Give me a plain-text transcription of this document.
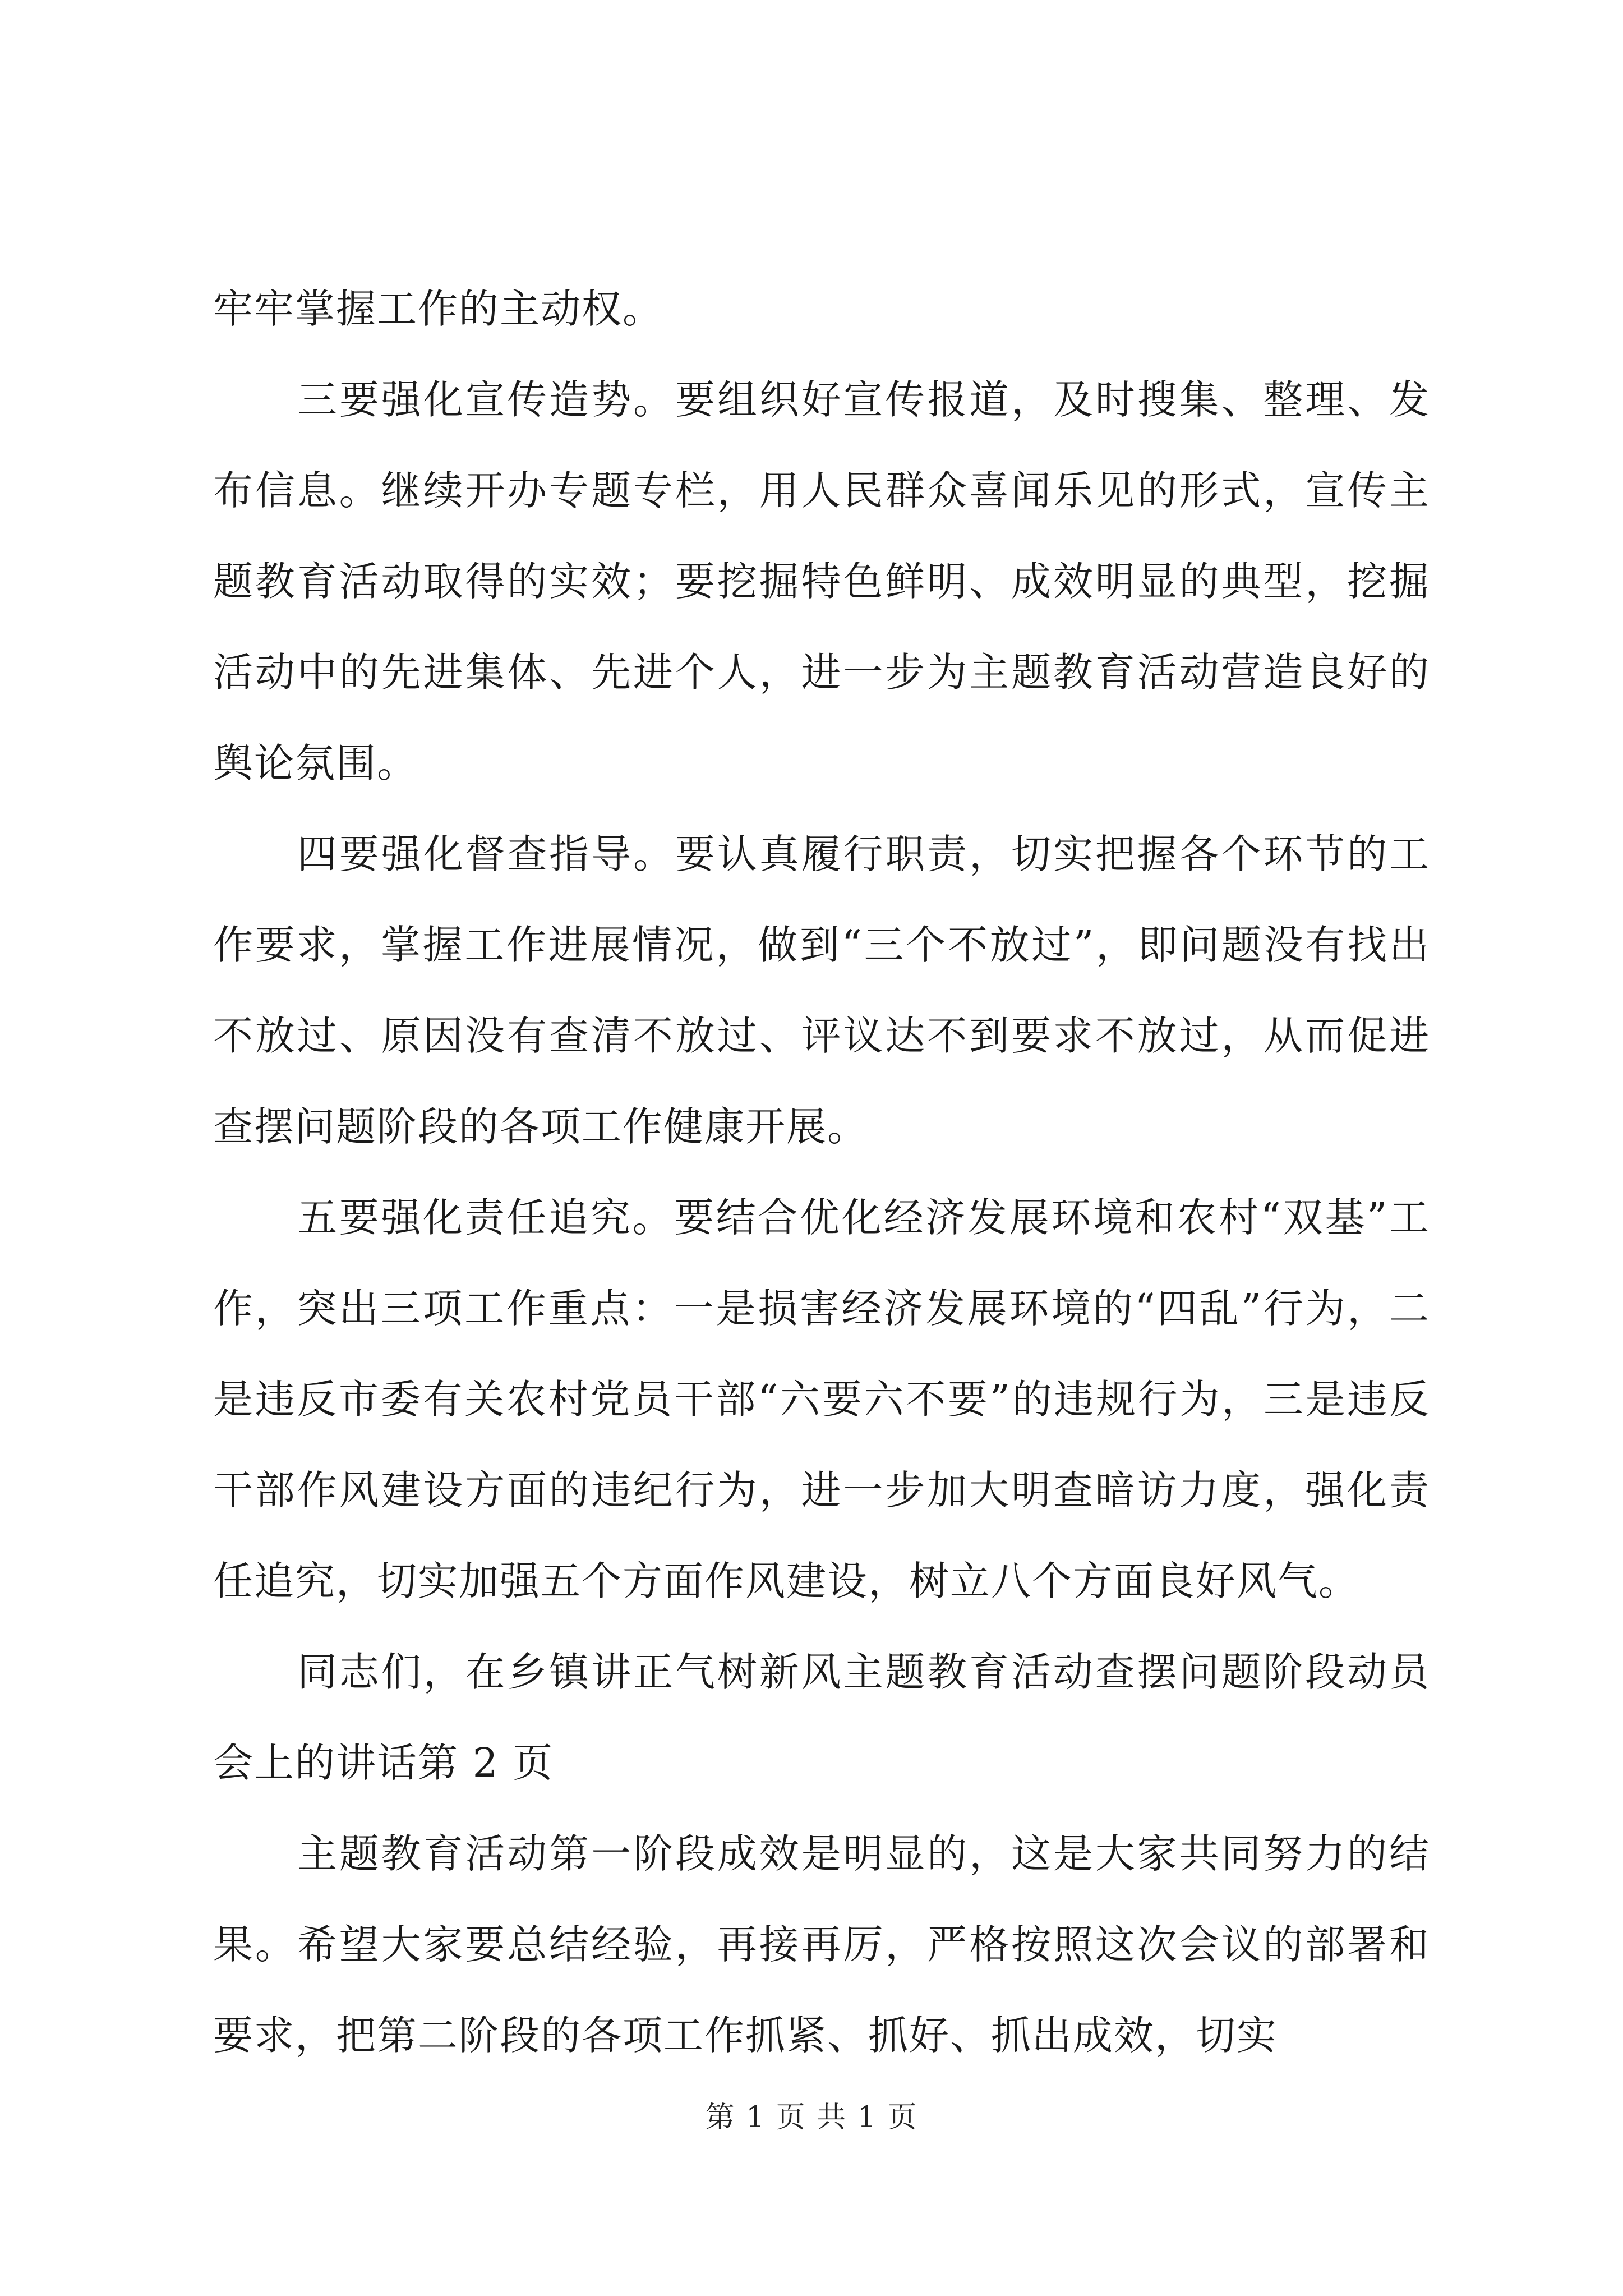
牢牢掌握工作的主动权。

三要强化宣传造势。要组织好宣传报道，及时搜集、整理、发布信息。继续开办专题专栏，用人民群众喜闻乐见的形式，宣传主题教育活动取得的实效；要挖掘特色鲜明、成效明显的典型，挖掘活动中的先进集体、先进个人，进一步为主题教育活动营造良好的舆论氛围。

四要强化督查指导。要认真履行职责，切实把握各个环节的工作要求，掌握工作进展情况，做到“三个不放过”，即问题没有找出不放过、原因没有查清不放过、评议达不到要求不放过，从而促进查摆问题阶段的各项工作健康开展。

五要强化责任追究。要结合优化经济发展环境和农村“双基”工作，突出三项工作重点：一是损害经济发展环境的“四乱”行为，二是违反市委有关农村党员干部“六要六不要”的违规行为，三是违反干部作风建设方面的违纪行为，进一步加大明查暗访力度，强化责任追究，切实加强五个方面作风建设，树立八个方面良好风气。

同志们，在乡镇讲正气树新风主题教育活动查摆问题阶段动员会上的讲话第 2 页

主题教育活动第一阶段成效是明显的，这是大家共同努力的结果。希望大家要总结经验，再接再厉，严格按照这次会议的部署和要求，把第二阶段的各项工作抓紧、抓好、抓出成效，切实

第 1 页 共 1 页
